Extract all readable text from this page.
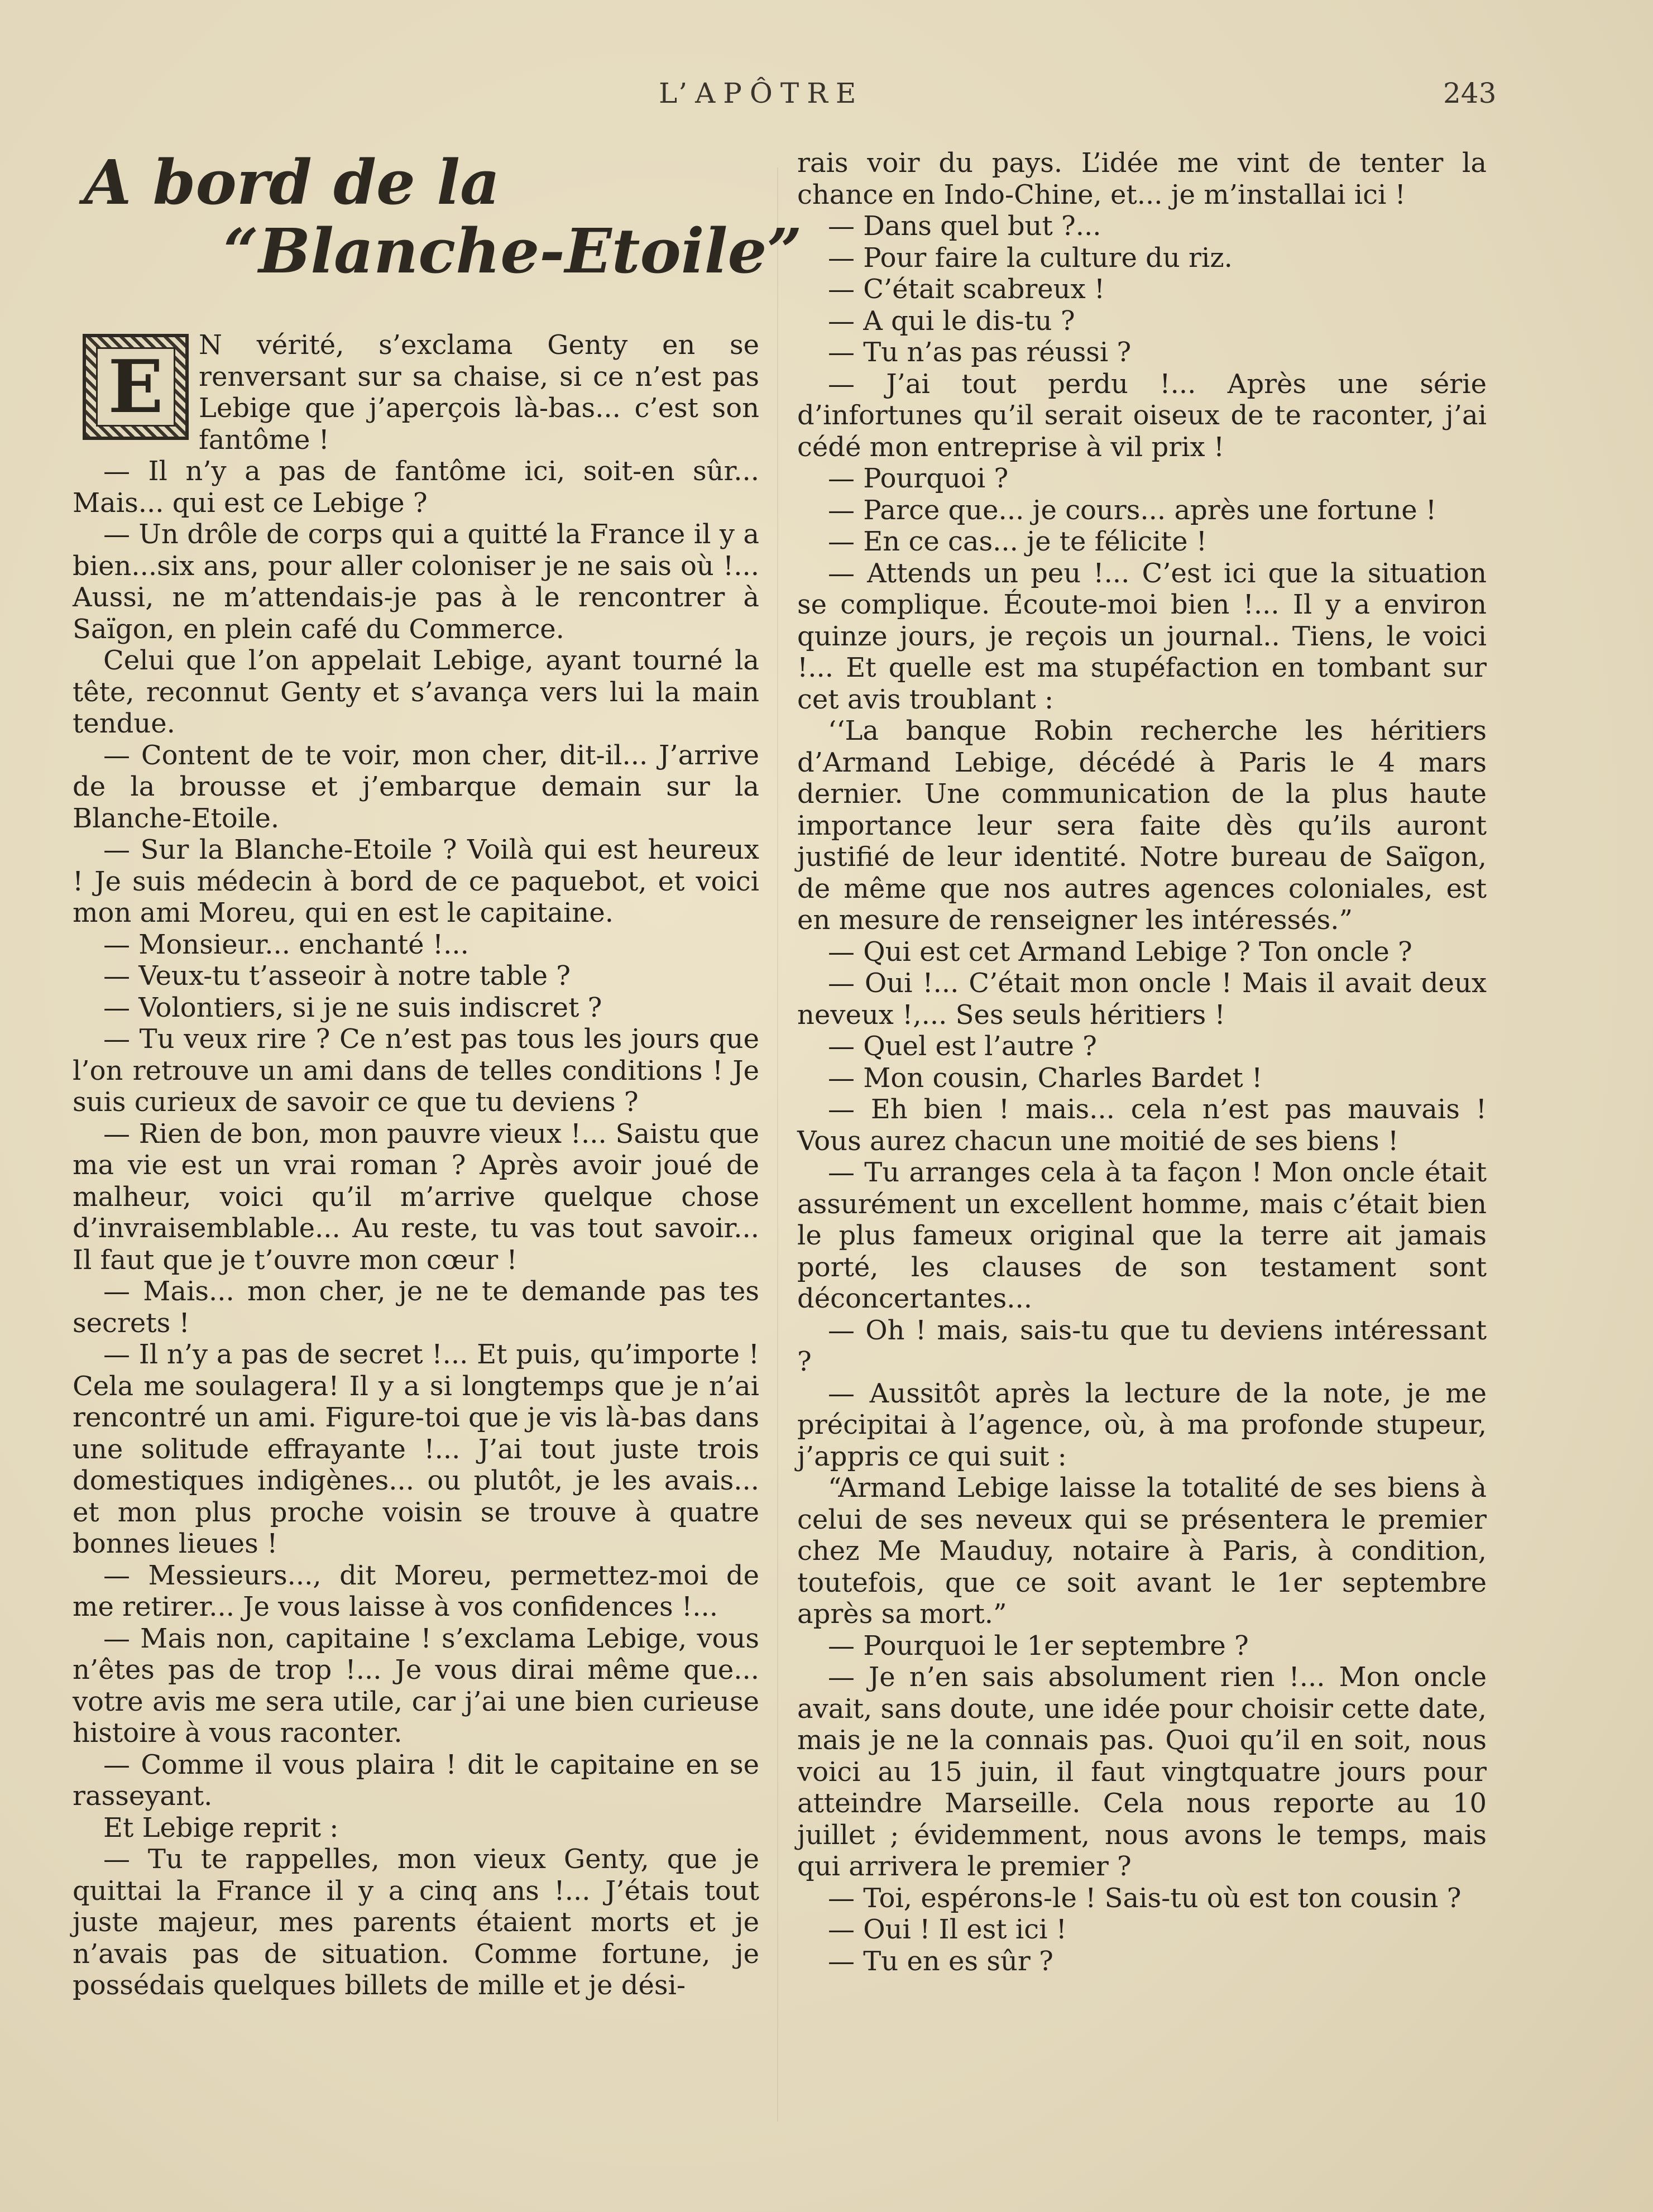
L’APÔTRE	243
A bord de la
“Blanche-Etoile”
E	N vérité, s’exclama Genty en se renversant sur sa chaise, si ce n’est pas Lebige que j’aperçois là-bas... c’est son fantôme !

— Il n’y a pas de fantôme ici, soit-en sûr... Mais... qui est ce Lebige ?

— Un drôle de corps qui a quitté la France il y a bien...six ans, pour aller coloniser je ne sais où !... Aussi, ne m’attendais-je pas à le rencontrer à Saïgon, en plein café du Commerce.

Celui que l’on appelait Lebige, ayant tourné la tête, reconnut Genty et s’avança vers lui la main tendue.

— Content de te voir, mon cher, dit-il... J’arrive de la brousse et j’embarque demain sur la Blanche-Etoile.

— Sur la Blanche-Etoile ? Voilà qui est heureux ! Je suis médecin à bord de ce paquebot, et voici mon ami Moreu, qui en est le capitaine.

— Monsieur... enchanté !...

— Veux-tu t’asseoir à notre table ?

— Volontiers, si je ne suis indiscret ?

— Tu veux rire ? Ce n’est pas tous les jours que l’on retrouve un ami dans de telles conditions ! Je suis curieux de savoir ce que tu deviens ?

— Rien de bon, mon pauvre vieux !... Saistu que ma vie est un vrai roman ? Après avoir joué de malheur, voici qu’il m’arrive quelque chose d’invraisemblable... Au reste, tu vas tout savoir... Il faut que je t’ouvre mon cœur !

— Mais... mon cher, je ne te demande pas tes secrets !

— Il n’y a pas de secret !... Et puis, qu’importe ! Cela me soulagera! Il y a si longtemps que je n’ai rencontré un ami. Figure-toi que je vis là-bas dans une solitude effrayante !... J’ai tout juste trois domestiques indigènes... ou plutôt, je les avais... et mon plus proche voisin se trouve à quatre bonnes lieues !

— Messieurs..., dit Moreu, permettez-moi de me retirer... Je vous laisse à vos confidences !...

— Mais non, capitaine ! s’exclama Lebige, vous n’êtes pas de trop !... Je vous dirai même que... votre avis me sera utile, car j’ai une bien curieuse histoire à vous raconter.

— Comme il vous plaira ! dit le capitaine en se rasseyant.

Et Lebige reprit :

— Tu te rappelles, mon vieux Genty, que je quittai la France il y a cinq ans !... J’étais tout juste majeur, mes parents étaient morts et je n’avais pas de situation. Comme fortune, je possédais quelques billets de mille et je dési-

rais voir du pays. L’idée me vint de tenter la chance en Indo-Chine, et... je m’installai ici !

— Dans quel but ?...

— Pour faire la culture du riz.

— C’était scabreux !

— A qui le dis-tu ?

— Tu n’as pas réussi ?

— J’ai tout perdu !... Après une série d’infortunes qu’il serait oiseux de te raconter, j’ai cédé mon entreprise à vil prix !

— Pourquoi ?

— Parce que... je cours... après une fortune !

— En ce cas... je te félicite !

— Attends un peu !... C’est ici que la situation se complique. Écoute-moi bien !... Il y a environ quinze jours, je reçois un journal.. Tiens, le voici !... Et quelle est ma stupéfaction en tombant sur cet avis troublant :

‘‘La banque Robin recherche les héritiers d’Armand Lebige, décédé à Paris le 4 mars dernier. Une communication de la plus haute importance leur sera faite dès qu’ils auront justifié de leur identité. Notre bureau de Saïgon, de même que nos autres agences coloniales, est en mesure de renseigner les intéressés.”

— Qui est cet Armand Lebige ? Ton oncle ?

— Oui !... C’était mon oncle ! Mais il avait deux neveux !,... Ses seuls héritiers !

— Quel est l’autre ?

— Mon cousin, Charles Bardet !

— Eh bien ! mais... cela n’est pas mauvais ! Vous aurez chacun une moitié de ses biens !

— Tu arranges cela à ta façon ! Mon oncle était assurément un excellent homme, mais c’était bien le plus fameux original que la terre ait jamais porté, les clauses de son testament sont déconcertantes...

— Oh ! mais, sais-tu que tu deviens intéressant ?

— Aussitôt après la lecture de la note, je me précipitai à l’agence, où, à ma profonde stupeur, j’appris ce qui suit :

“Armand Lebige laisse la totalité de ses biens à celui de ses neveux qui se présentera le premier chez Me Mauduy, notaire à Paris, à condition, toutefois, que ce soit avant le 1er septembre après sa mort.”

— Pourquoi le 1er septembre ?

— Je n’en sais absolument rien !... Mon oncle avait, sans doute, une idée pour choisir cette date, mais je ne la connais pas. Quoi qu’il en soit, nous voici au 15 juin, il faut vingtquatre jours pour atteindre Marseille. Cela nous reporte au 10 juillet ; évidemment, nous avons le temps, mais qui arrivera le premier ?

— Toi, espérons-le ! Sais-tu où est ton cousin ?

— Oui ! Il est ici !

— Tu en es sûr ?
